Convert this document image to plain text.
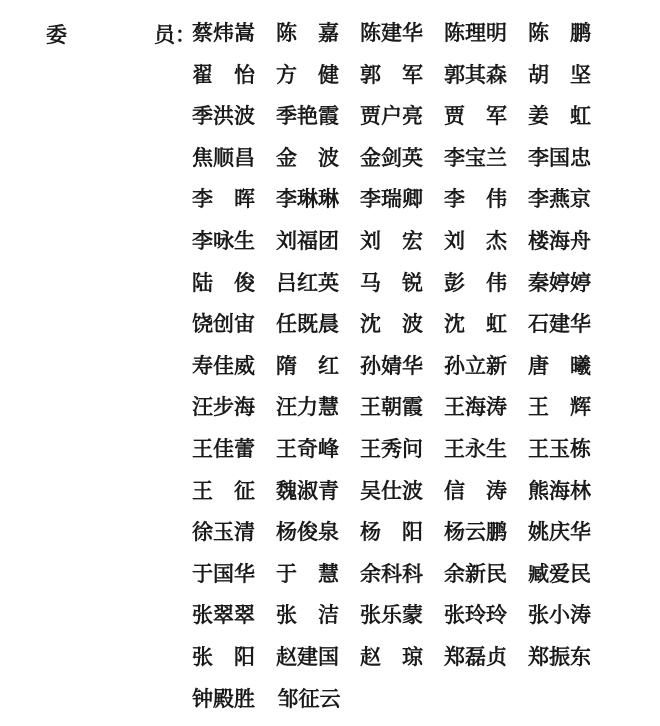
委	员：
蔡炜嵩	陈　嘉	陈建华	陈理明	陈　鹏
翟　怡	方　健	郭　军	郭其森	胡　坚
季洪波	季艳霞	贾户亮	贾　军	姜　虹
焦顺昌	金　波	金剑英	李宝兰	李国忠
李　晖	李琳琳	李瑞卿	李　伟	李燕京
李咏生	刘福团	刘　宏	刘　杰	楼海舟
陆　俊	吕红英	马　锐	彭　伟	秦婷婷
饶创宙	任既晨	沈　波	沈　虹	石建华
寿佳威	隋　红	孙婧华	孙立新	唐　曦
汪步海	汪力慧	王朝霞	王海涛	王　辉
王佳蕾	王奇峰	王秀问	王永生	王玉栋
王　征	魏淑青	吴仕波	信　涛	熊海林
徐玉清	杨俊泉	杨　阳	杨云鹏	姚庆华
于国华	于　慧	余科科	余新民	臧爱民
张翠翠	张　洁	张乐蒙	张玲玲	张小涛
张　阳	赵建国	赵　琼	郑磊贞	郑振东
钟殿胜	邹征云
